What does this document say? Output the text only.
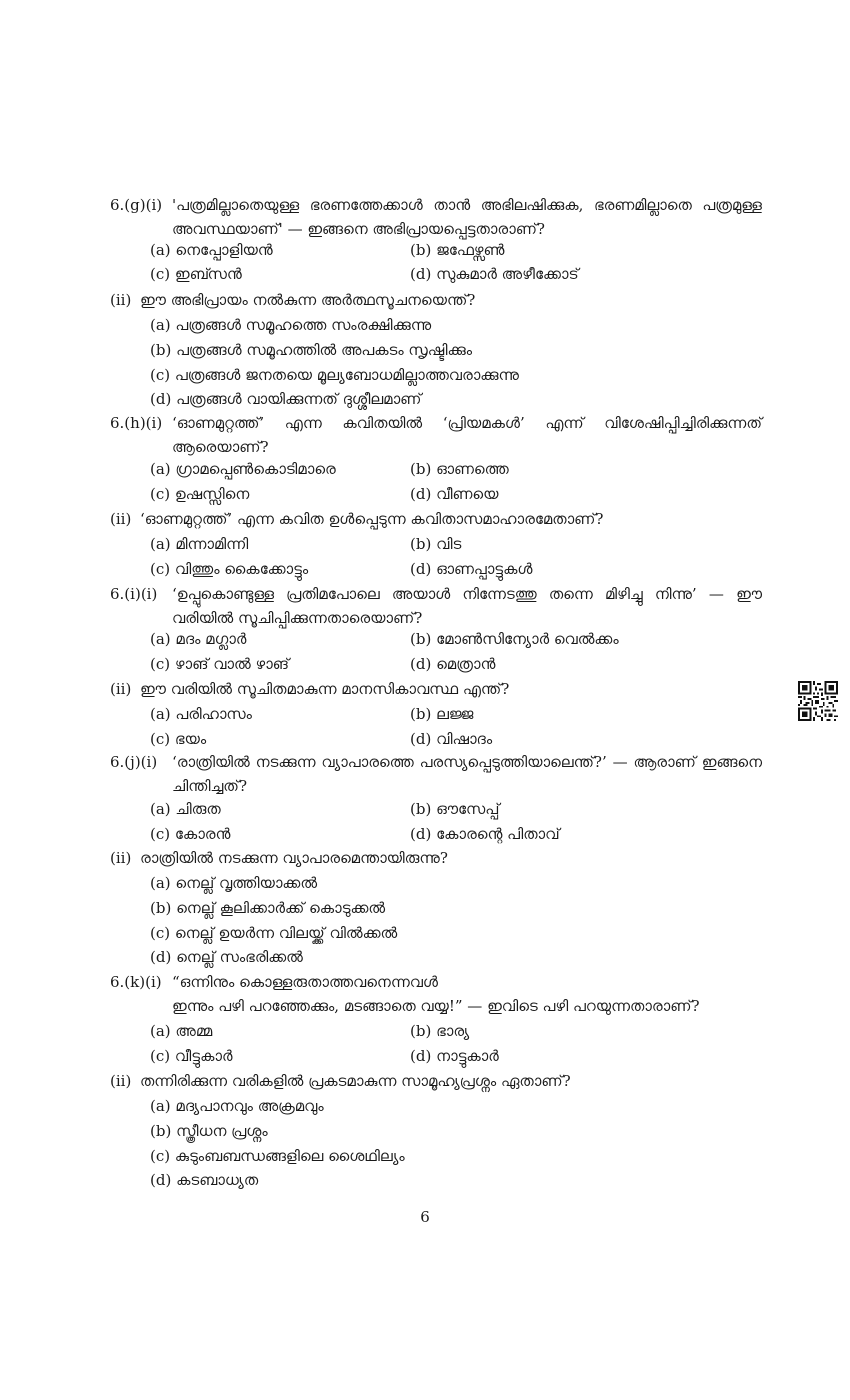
6.(g)(i) 'പത്രമില്ലാതെയുള്ള ഭരണത്തേക്കാൾ താൻ അഭിലഷിക്കുക, ഭരണമില്ലാതെ പത്രമുള്ള അവസ്ഥയാണ്' — ഇങ്ങനെ അഭിപ്രായപ്പെട്ടതാരാണ്?
(a) നെപ്പോളിയൻ	(b) ജഫേഴ്സൺ
(c) ഇബ്സൻ	(d) സുകുമാർ അഴീക്കോട്
(ii) ഈ അഭിപ്രായം നൽകുന്ന അർത്ഥസൂചനയെന്ത്?
(a) പത്രങ്ങൾ സമൂഹത്തെ സംരക്ഷിക്കുന്നു
(b) പത്രങ്ങൾ സമൂഹത്തിൽ അപകടം സൃഷ്ടിക്കും
(c) പത്രങ്ങൾ ജനതയെ മൂല്യബോധമില്ലാത്തവരാക്കുന്നു
(d) പത്രങ്ങൾ വായിക്കുന്നത് ദുശ്ശീലമാണ്
6.(h)(i) ‘ഓണമുറ്റത്ത്’ എന്ന കവിതയിൽ ‘പ്രിയമകൾ’ എന്ന് വിശേഷിപ്പിച്ചിരിക്കുന്നത് ആരെയാണ്?
(a) ഗ്രാമപ്പെൺകൊടിമാരെ	(b) ഓണത്തെ
(c) ഉഷസ്സിനെ	(d) വീണയെ
(ii) ‘ഓണമുറ്റത്ത്’ എന്ന കവിത ഉൾപ്പെടുന്ന കവിതാസമാഹാരമേതാണ്?
(a) മിന്നാമിന്നി	(b) വിട
(c) വിത്തും കൈക്കോട്ടും	(d) ഓണപ്പാട്ടുകൾ
6.(i)(i) ‘ഉപ്പുകൊണ്ടുള്ള പ്രതിമപോലെ അയാൾ നിന്നേടത്തു തന്നെ മിഴിച്ചു നിന്നു’ — ഈ വരിയിൽ സൂചിപ്പിക്കുന്നതാരെയാണ്?
(a) മദം മഗ്ലാർ	(b) മോൺസിന്യോർ വെൽക്കം
(c) ഴാങ് വാൽ ഴാങ്	(d) മെത്രാൻ
(ii) ഈ വരിയിൽ സൂചിതമാകുന്ന മാനസികാവസ്ഥ എന്ത്?
(a) പരിഹാസം	(b) ലജ്ജ
(c) ഭയം	(d) വിഷാദം
6.(j)(i) ‘രാത്രിയിൽ നടക്കുന്ന വ്യാപാരത്തെ പരസ്യപ്പെടുത്തിയാലെന്ത്?’ — ആരാണ് ഇങ്ങനെ ചിന്തിച്ചത്?
(a) ചിരുത	(b) ഔസേപ്പ്
(c) കോരൻ	(d) കോരന്റെ പിതാവ്
(ii) രാത്രിയിൽ നടക്കുന്ന വ്യാപാരമെന്തായിരുന്നു?
(a) നെല്ല് വൃത്തിയാക്കൽ
(b) നെല്ല് കൂലിക്കാർക്ക് കൊടുക്കൽ
(c) നെല്ല് ഉയർന്ന വിലയ്ക്ക് വിൽക്കൽ
(d) നെല്ല് സംഭരിക്കൽ
6.(k)(i) “ഒന്നിനും കൊള്ളരുതാത്തവനെന്നവൾ
ഇന്നും പഴി പറഞ്ഞേക്കും, മടങ്ങാതെ വയ്യ!” — ഇവിടെ പഴി പറയുന്നതാരാണ്?
(a) അമ്മ	(b) ഭാര്യ
(c) വീട്ടുകാർ	(d) നാട്ടുകാർ
(ii) തന്നിരിക്കുന്ന വരികളിൽ പ്രകടമാകുന്ന സാമൂഹ്യപ്രശ്നം ഏതാണ്?
(a) മദ്യപാനവും അക്രമവും
(b) സ്ത്രീധന പ്രശ്നം
(c) കുടുംബബന്ധങ്ങളിലെ ശൈഥില്യം
(d) കടബാധ്യത
6
